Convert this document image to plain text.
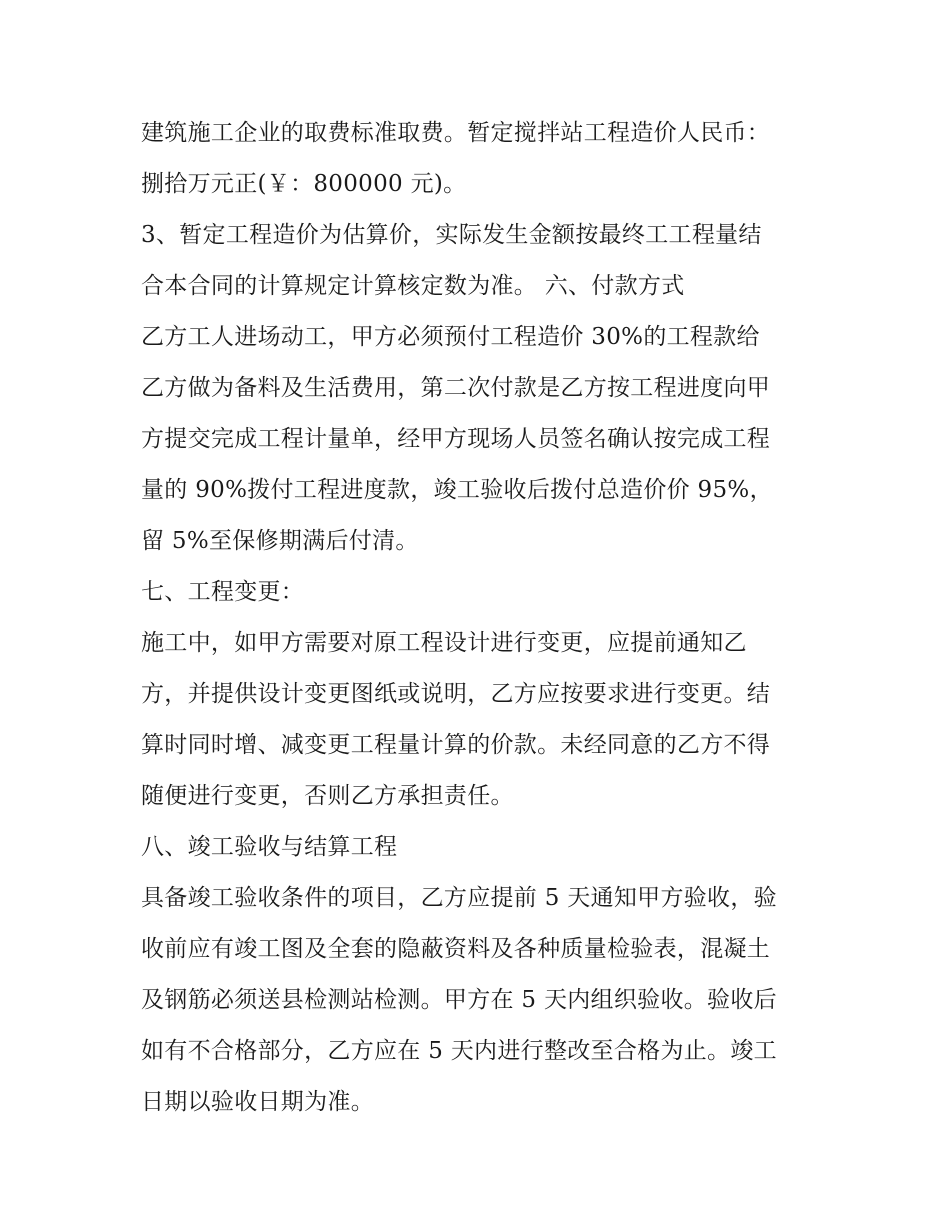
建筑施工企业的取费标准取费。暂定搅拌站工程造价人民币：
捌拾万元正(￥：800000 元)。
3、暂定工程造价为估算价，实际发生金额按最终工工程量结
合本合同的计算规定计算核定数为准。 六、付款方式
乙方工人进场动工，甲方必须预付工程造价 30%的工程款给
乙方做为备料及生活费用，第二次付款是乙方按工程进度向甲
方提交完成工程计量单，经甲方现场人员签名确认按完成工程
量的 90%拨付工程进度款，竣工验收后拨付总造价价 95%，
留 5%至保修期满后付清。
七、工程变更：
施工中，如甲方需要对原工程设计进行变更，应提前通知乙
方，并提供设计变更图纸或说明，乙方应按要求进行变更。结
算时同时增、减变更工程量计算的价款。未经同意的乙方不得
随便进行变更，否则乙方承担责任。
八、竣工验收与结算工程
具备竣工验收条件的项目，乙方应提前 5 天通知甲方验收，验
收前应有竣工图及全套的隐蔽资料及各种质量检验表，混凝土
及钢筋必须送县检测站检测。甲方在 5 天内组织验收。验收后
如有不合格部分，乙方应在 5 天内进行整改至合格为止。竣工
日期以验收日期为准。
